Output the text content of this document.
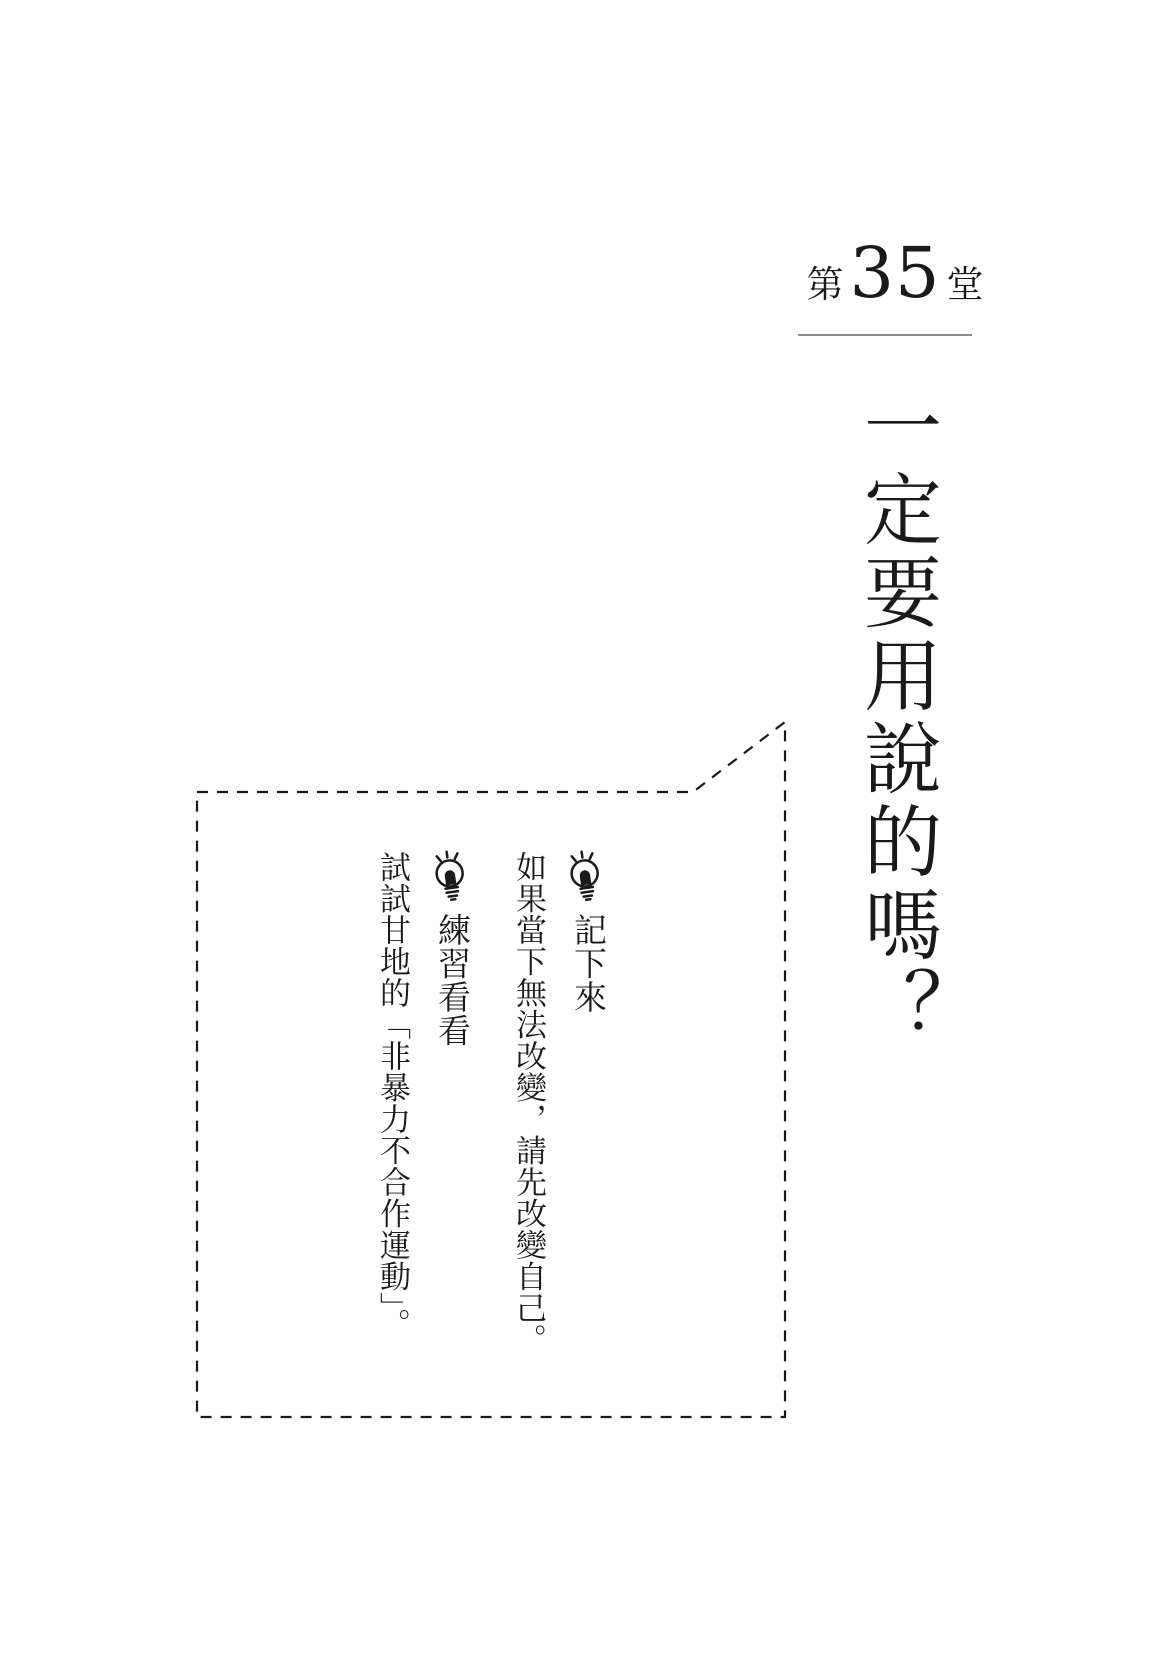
第 35 堂
一定要用說的嗎？
記下來
如果當下無法改變，請先改變自己。
練習看看
試試甘地的「非暴力不合作運動」。
